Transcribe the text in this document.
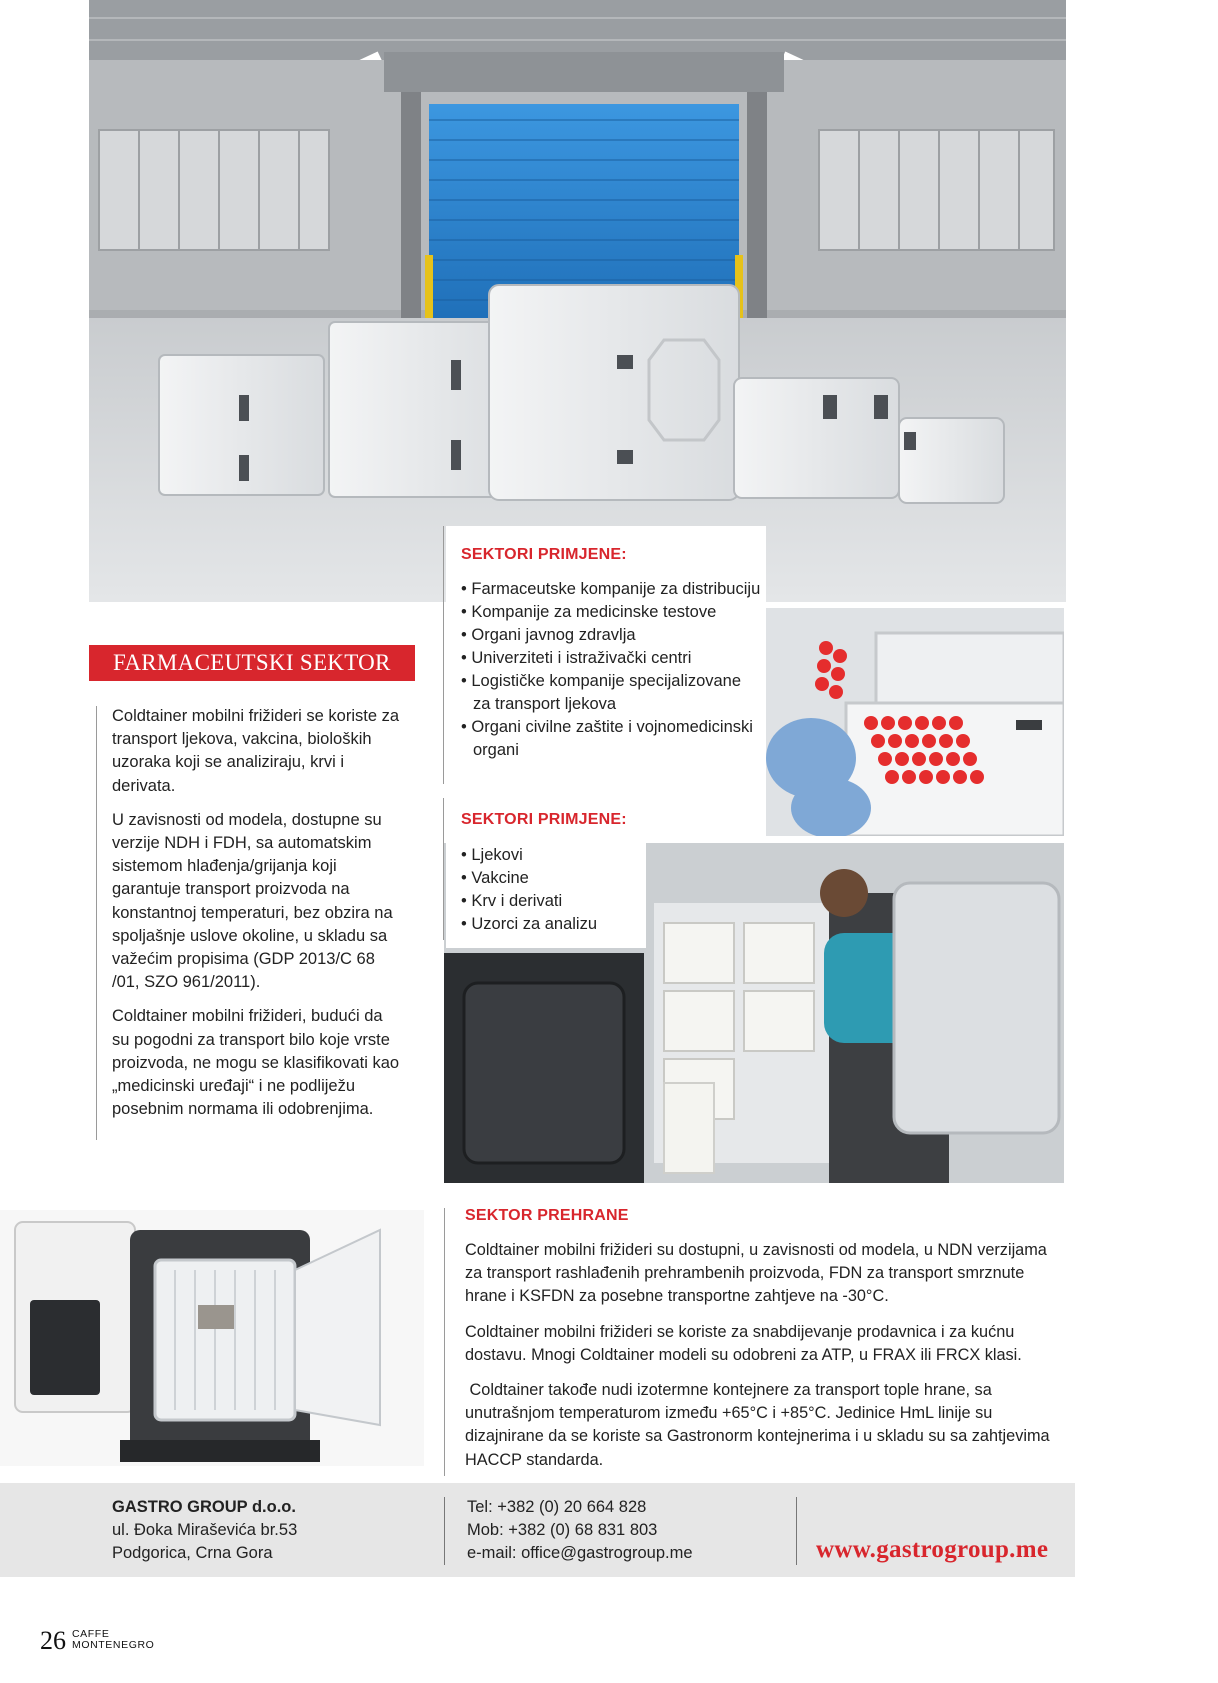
SEKTORI PRIMJENE:
• Farmaceutske kompanije za distribuciju
• Kompanije za medicinske testove
• Organi javnog zdravlja
• Univerziteti i istraživački centri
• Logističke kompanije specijalizovane za transport ljekova
• Organi civilne zaštite i vojnomedicinski organi
SEKTORI PRIMJENE:
• Ljekovi
• Vakcine
• Krv i derivati
• Uzorci za analizu
FARMACEUTSKI SEKTOR

Coldtainer mobilni frižideri se koriste za transport ljekova, vakcina, bioloških uzoraka koji se analiziraju, krvi i derivata.

U zavisnosti od modela, dostupne su verzije NDH i FDH, sa automatskim sistemom hlađenja/grijanja koji garantuje transport proizvoda na konstantnoj temperaturi, bez obzira na spoljašnje uslove okoline, u skladu sa važećim propisima (GDP 2013/C 68 /01, SZO 961/2011).

Coldtainer mobilni frižideri, budući da su pogodni za transport bilo koje vrste proizvoda, ne mogu se klasifikovati kao „medicinski uređaji“ i ne podliježu posebnim normama ili odobrenjima.

SEKTOR PREHRANE

Coldtainer mobilni frižideri su dostupni, u zavisnosti od modela, u NDN verzijama za transport rashlađenih prehrambenih proizvoda, FDN za transport smrznute hrane i KSFDN za posebne transportne zahtjeve na -30°C.

Coldtainer mobilni frižideri se koriste za snabdijevanje prodavnica i za kućnu dostavu. Mnogi Coldtainer modeli su odobreni za ATP, u FRAX ili FRCX klasi.

Coldtainer takođe nudi izotermne kontejnere za transport tople hrane, sa unutrašnjom temperaturom između +65°C i +85°C. Jedinice HmL linije su dizajnirane da se koriste sa Gastronorm kontejnerima i u skladu su sa zahtjevima HACCP standarda.

GASTRO GROUP d.o.o.
ul. Đoka Miraševića br.53
Podgorica, Crna Gora
Tel: +382 (0) 20 664 828
Mob: +382 (0) 68 831 803
e-mail: office@gastrogroup.me	www.gastrogroup.me
26 CAFFE
MONTENEGRO
